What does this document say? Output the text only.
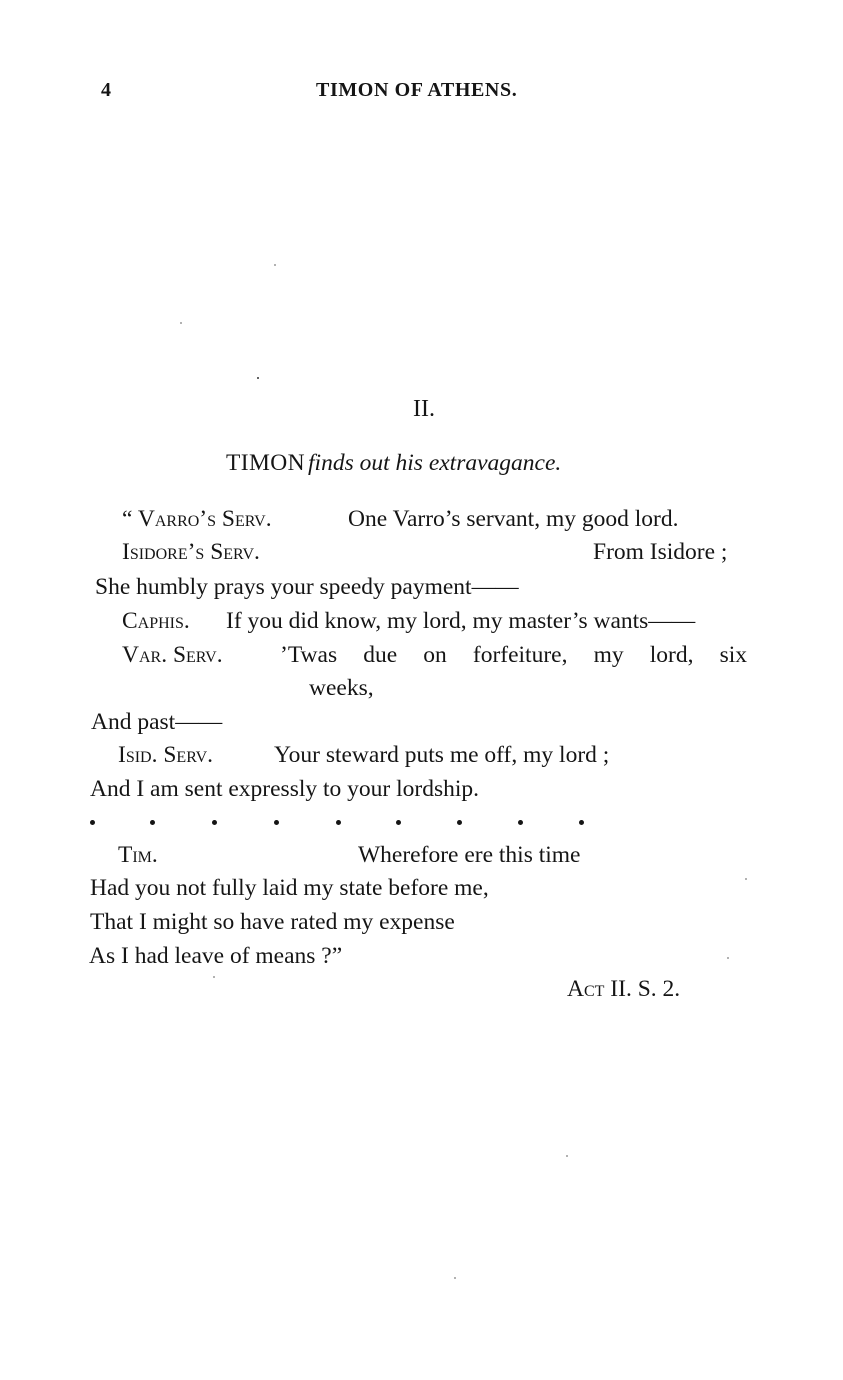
4	TIMON OF ATHENS.
II.
TIMON finds out his extravagance.
“ Varro’s Serv.	One Varro’s servant, my good lord.
Isidore’s Serv.	From Isidore ;
She humbly prays your speedy payment——
Caphis. If you did know, my lord, my master’s wants——
Var. Serv. ’Twas due on forfeiture, my lord, six
weeks,
And past——
Isid. Serv.	Your steward puts me off, my lord ;
And I am sent expressly to your lordship.
Tim.	Wherefore ere this time
Had you not fully laid my state before me,
That I might so have rated my expense
As I had leave of means ?”
Act II. S. 2.
